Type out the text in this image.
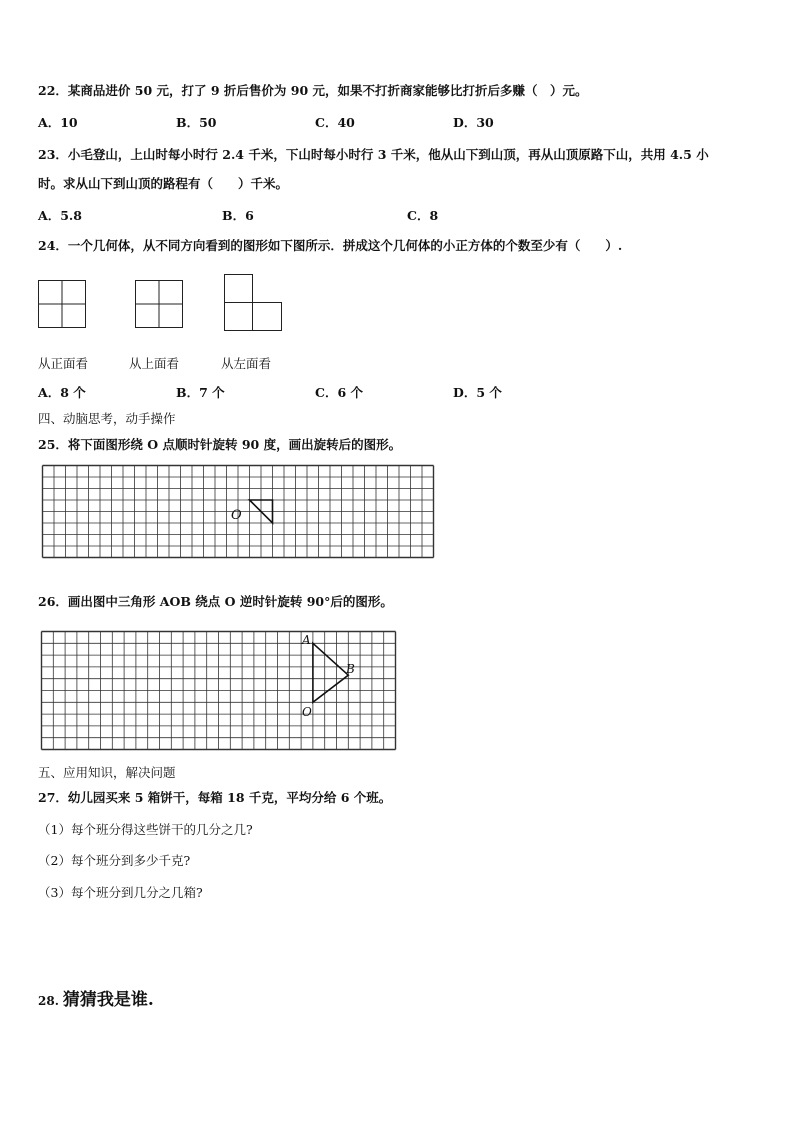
22．某商品进价 50 元，打了 9 折后售价为 90 元，如果不打折商家能够比打折后多赚（　）元。
A．10	B．50	C．40	D．30
23．小毛登山，上山时每小时行 2.4 千米，下山时每小时行 3 千米，他从山下到山顶，再从山顶原路下山，共用 4.5 小
时。求从山下到山顶的路程有（　　）千米。
A．5.8	B．6	C．8
24．一个几何体，从不同方向看到的图形如下图所示．拼成这个几何体的小正方体的个数至少有（　　）.
从正面看	从上面看	从左面看
A．8 个	B．7 个	C．6 个	D．5 个
四、动脑思考，动手操作
25．将下面图形绕 O 点顺时针旋转 90 度，画出旋转后的图形。
O
26．画出图中三角形 AOB 绕点 O 逆时针旋转 90°后的图形。
A
B
O
五、应用知识，解决问题
27．幼儿园买来 5 箱饼干，每箱 18 千克，平均分给 6 个班。
（1）每个班分得这些饼干的几分之几?
（2）每个班分到多少千克?
（3）每个班分到几分之几箱?
28. 猜猜我是谁.
